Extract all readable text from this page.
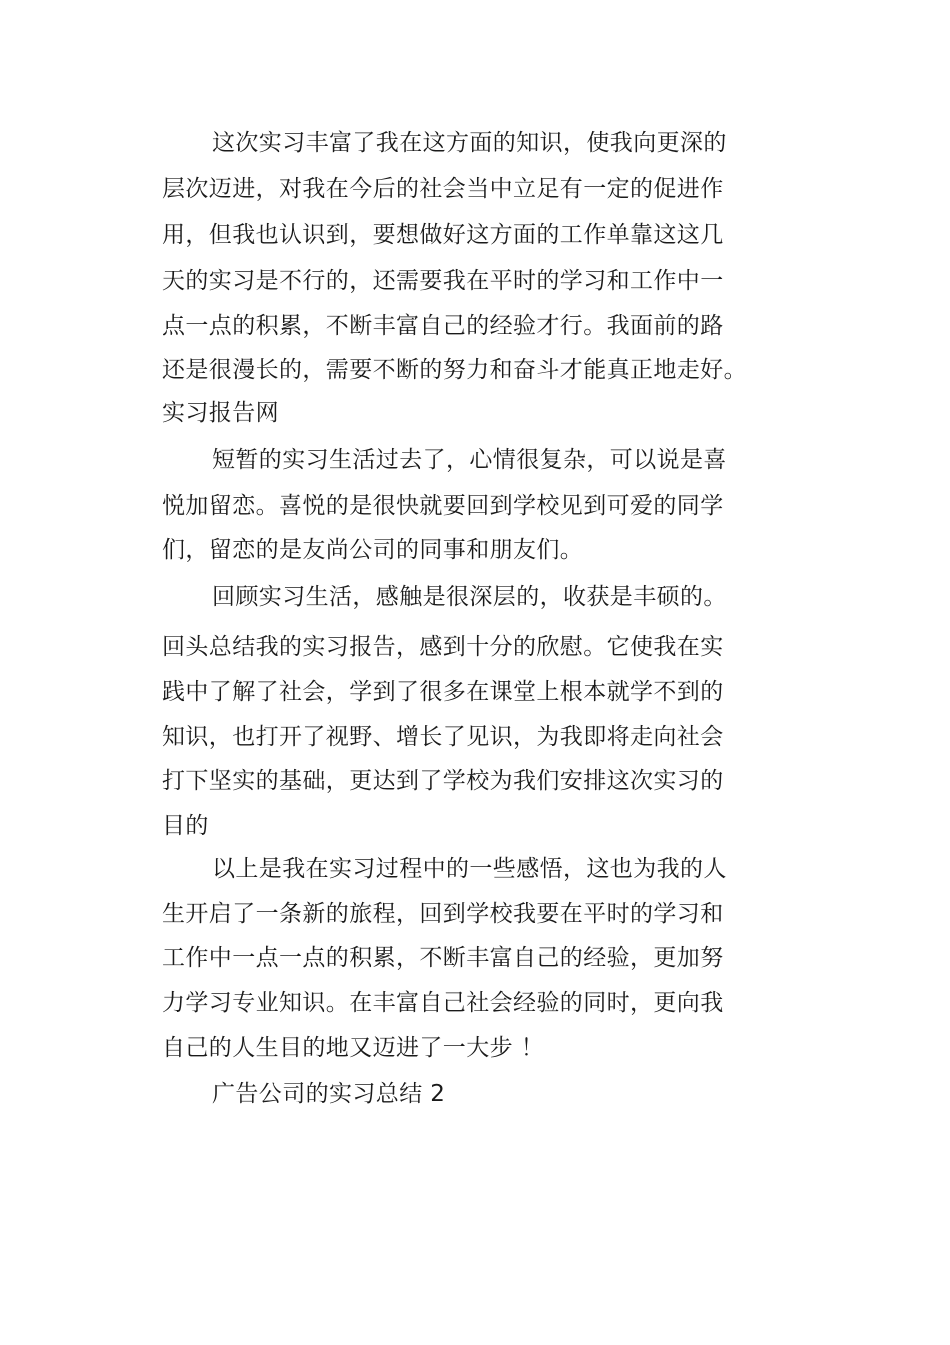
这次实习丰富了我在这方面的知识，使我向更深的
层次迈进，对我在今后的社会当中立足有一定的促进作
用，但我也认识到，要想做好这方面的工作单靠这这几
天的实习是不行的，还需要我在平时的学习和工作中一
点一点的积累，不断丰富自己的经验才行。我面前的路
还是很漫长的，需要不断的努力和奋斗才能真正地走好。
实习报告网
短暂的实习生活过去了，心情很复杂，可以说是喜
悦加留恋。喜悦的是很快就要回到学校见到可爱的同学
们，留恋的是友尚公司的同事和朋友们。
回顾实习生活，感触是很深层的，收获是丰硕的。
回头总结我的实习报告，感到十分的欣慰。它使我在实
践中了解了社会，学到了很多在课堂上根本就学不到的
知识，也打开了视野、增长了见识，为我即将走向社会
打下坚实的基础，更达到了学校为我们安排这次实习的
目的
以上是我在实习过程中的一些感悟，这也为我的人
生开启了一条新的旅程，回到学校我要在平时的学习和
工作中一点一点的积累，不断丰富自己的经验，更加努
力学习专业知识。在丰富自己社会经验的同时，更向我
自己的人生目的地又迈进了一大步 ！
广告公司的实习总结 2
